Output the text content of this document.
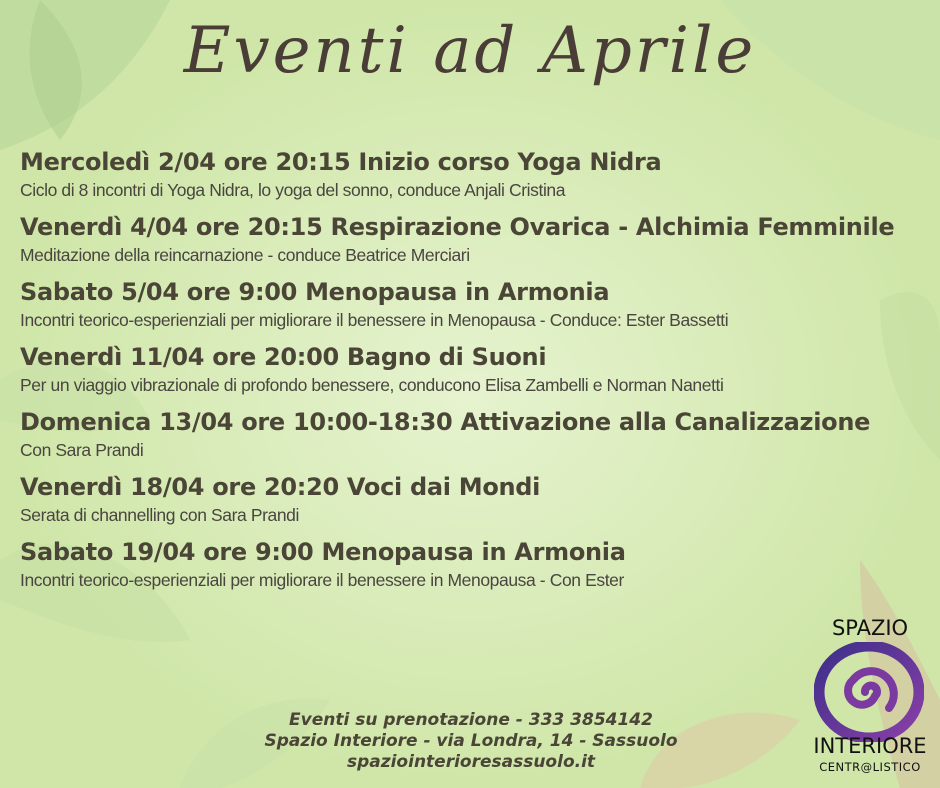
Eventi ad Aprile
Mercoledì 2/04 ore 20:15 Inizio corso Yoga Nidra
Ciclo di 8 incontri di Yoga Nidra, lo yoga del sonno, conduce Anjali Cristina
Venerdì 4/04 ore 20:15 Respirazione Ovarica - Alchimia Femminile
Meditazione della reincarnazione - conduce Beatrice Merciari
Sabato 5/04 ore 9:00 Menopausa in Armonia
Incontri teorico-esperienziali per migliorare il benessere in Menopausa - Conduce: Ester Bassetti
Venerdì 11/04 ore 20:00 Bagno di Suoni
Per un viaggio vibrazionale di profondo benessere, conducono Elisa Zambelli e Norman Nanetti
Domenica 13/04 ore 10:00-18:30 Attivazione alla Canalizzazione
Con Sara Prandi
Venerdì 18/04 ore 20:20 Voci dai Mondi
Serata di channelling con Sara Prandi
Sabato 19/04 ore 9:00 Menopausa in Armonia
Incontri teorico-esperienziali per migliorare il benessere in Menopausa - Con Ester
Eventi su prenotazione - 333 3854142
Spazio Interiore - via Londra, 14 - Sassuolo
spaziointerioresassuolo.it
SPAZIO
INTERIORE
CENTR@LISTICO
